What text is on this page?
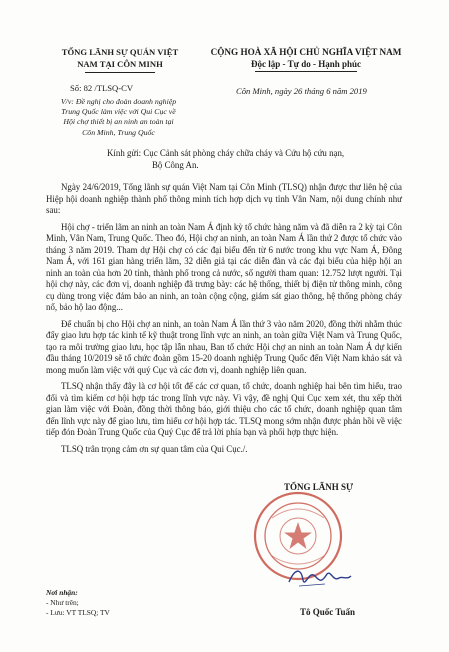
TỔNG LÃNH SỰ QUÁN VIỆT
NAM TẠI CÔN MINH
CỘNG HOÀ XÃ HỘI CHỦ NGHĨA VIỆT NAM
Độc lập - Tự do - Hạnh phúc
Số: 82 /TLSQ-CV	Côn Minh, ngày 26 tháng 6 năm 2019
V/v: Đề nghị cho đoàn doanh nghiệp
Trung Quốc làm việc với Qui Cục về
Hội chợ thiết bị an ninh an toàn tại
Côn Minh, Trung Quốc
Kính gửi: Cục Cảnh sát phòng cháy chữa cháy và Cứu hộ cứu nạn,
Bộ Công An.

Ngày 24/6/2019, Tổng lãnh sự quán Việt Nam tại Côn Minh (TLSQ) nhận được thư liên hệ của Hiệp hội doanh nghiệp thành phố thông minh tích hợp dịch vụ tỉnh Vân Nam, nội dung chính như sau:

Hội chợ - triển lãm an ninh an toàn Nam Á định kỳ tổ chức hàng năm và đã diễn ra 2 kỳ tại Côn Minh, Vân Nam, Trung Quốc. Theo đó, Hội chợ an ninh, an toàn Nam Á lần thứ 2 được tổ chức vào tháng 3 năm 2019. Tham dự Hội chợ có các đại biểu đến từ 6 nước trong khu vực Nam Á, Đông Nam Á, với 161 gian hàng triển lãm, 32 diễn giả tại các diễn đàn và các đại biểu của hiệp hội an ninh an toàn của hơn 20 tỉnh, thành phố trong cả nước, số người tham quan: 12.752 lượt người. Tại hội chợ này, các đơn vị, doanh nghiệp đã trưng bày: các hệ thống, thiết bị điện tử thông minh, công cụ dùng trong việc đảm bảo an ninh, an toàn cộng cộng, giám sát giao thông, hệ thống phòng cháy nổ, bảo hộ lao động...

Để chuẩn bị cho Hội chợ an ninh, an toàn Nam Á lần thứ 3 vào năm 2020, đồng thời nhằm thúc đẩy giao lưu hợp tác kinh tế kỹ thuật trong lĩnh vực an ninh, an toàn giữa Việt Nam và Trung Quốc, tạo ra môi trường giao lưu, học tập lẫn nhau, Ban tổ chức Hội chợ an ninh an toàn Nam Á dự kiến đầu tháng 10/2019 sẽ tổ chức đoàn gồm 15-20 doanh nghiệp Trung Quốc đến Việt Nam khảo sát và mong muốn làm việc với quý Cục và các đơn vị, doanh nghiệp liên quan.

TLSQ nhận thấy đây là cơ hội tốt để các cơ quan, tổ chức, doanh nghiệp hai bên tìm hiểu, trao đổi và tìm kiếm cơ hội hợp tác trong lĩnh vực này. Vì vậy, đề nghị Qui Cục xem xét, thu xếp thời gian làm việc với Đoàn, đồng thời thông báo, giới thiệu cho các tổ chức, doanh nghiệp quan tâm đến lĩnh vực này để giao lưu, tìm hiểu cơ hội hợp tác. TLSQ mong sớm nhận được phản hồi về việc tiếp đón Đoàn Trung Quốc của Quý Cục để trả lời phía bạn và phối hợp thực hiện.

TLSQ trân trọng cảm ơn sự quan tâm của Qui Cục./.

TỔNG LÃNH SỰ
Tô Quốc Tuấn
Nơi nhận:
- Như trên;
- Lưu: VT TLSQ; TV
